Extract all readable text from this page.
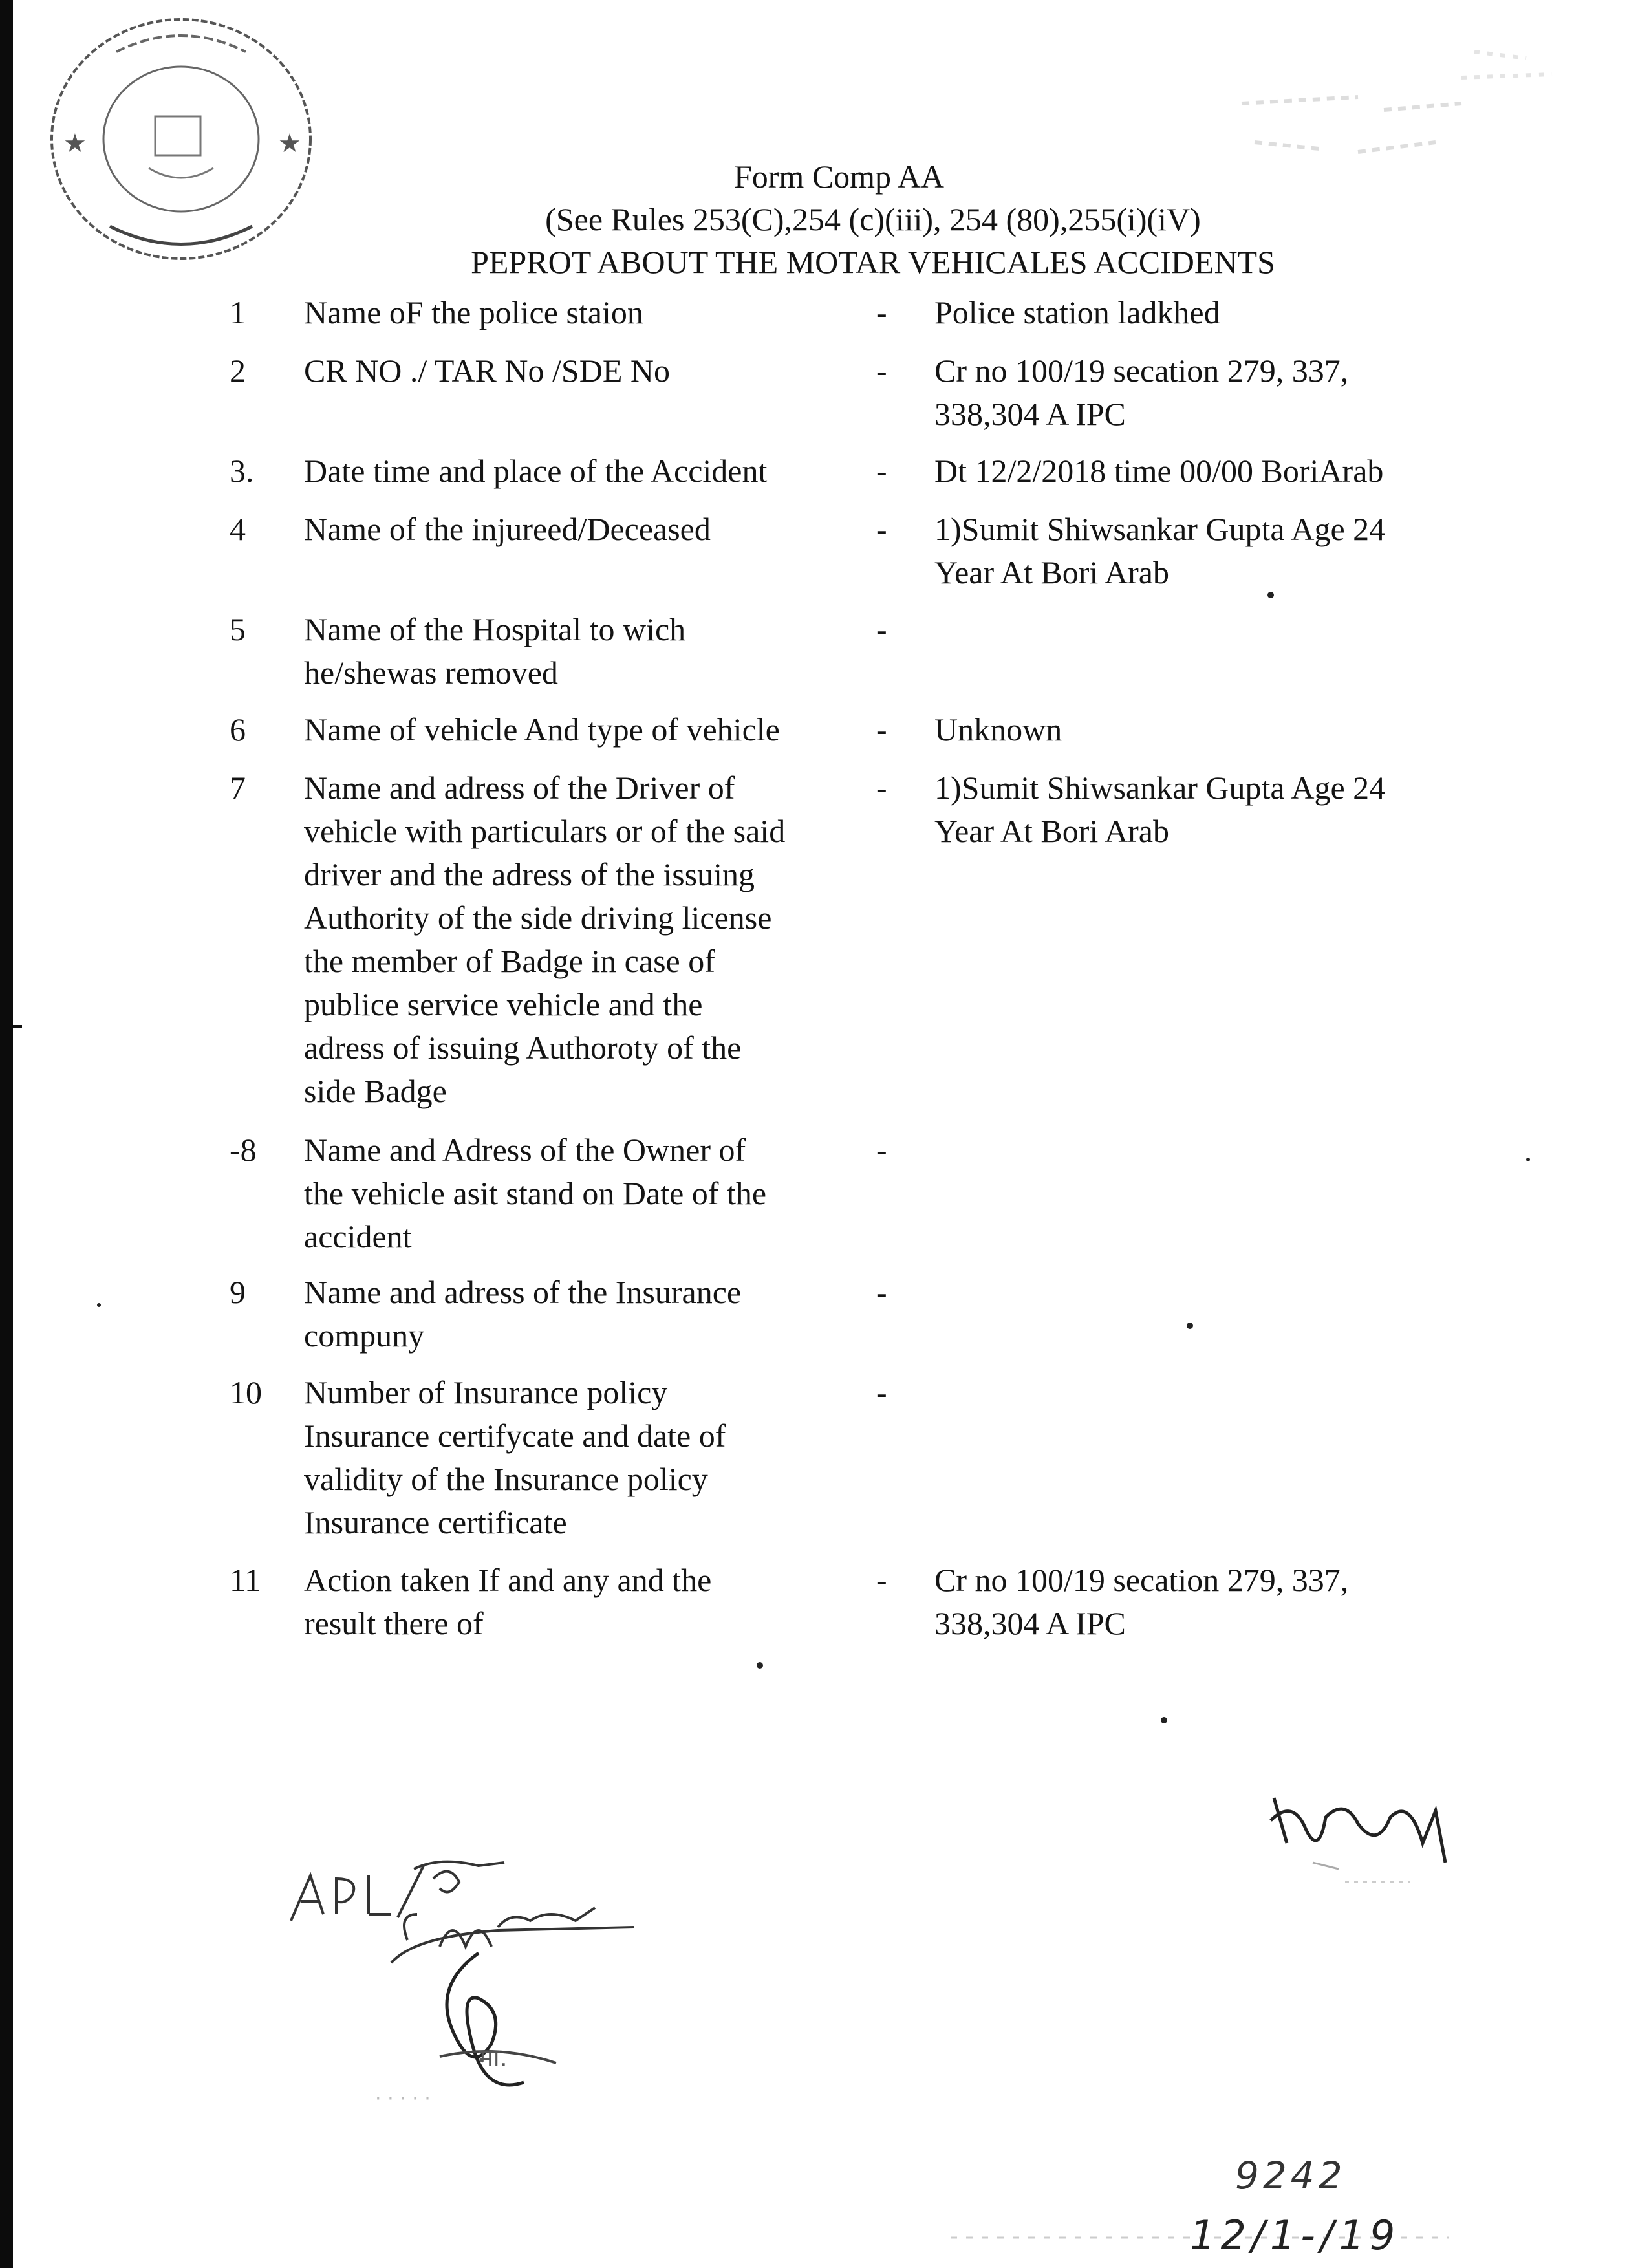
★	★
Form Comp AA
(See Rules 253(C),254 (c)(iii), 254 (80),255(i)(iV)
PEPROT ABOUT THE MOTAR VEHICALES ACCIDENTS
1	Name oF the police staion	-	Police station ladkhed
2	CR NO ./ TAR No /SDE No	-	Cr no 100/19 secation 279, 337,
338,304 A IPC
3.	Date time and place of the Accident	-	Dt 12/2/2018 time 00/00 BoriArab
4	Name of the injureed/Deceased	-	1)Sumit Shiwsankar Gupta Age 24
Year At Bori Arab
5	Name of the Hospital to wich
he/shewas removed
-
6	Name of vehicle And type of vehicle	-	Unknown
7	Name and adress of the Driver of
vehicle with particulars or of the said
driver and the adress of the issuing
Authority of the side driving license
the member of Badge in case of
publice service vehicle and the
adress of issuing Authoroty of the
side Badge
-	1)Sumit Shiwsankar Gupta Age 24
Year At Bori Arab
-8	Name and Adress of the Owner of
the vehicle asit stand on Date of the
accident
-
9	Name and adress of the Insurance
compuny
-
10	Number of Insurance policy
Insurance certifycate and date of
validity of the Insurance policy
Insurance certificate
-
11	Action taken If and any and the
result there of
-	Cr no 100/19 secation 279, 337,
338,304 A IPC
मा.
· · · · ·
9242
12/1-/19
